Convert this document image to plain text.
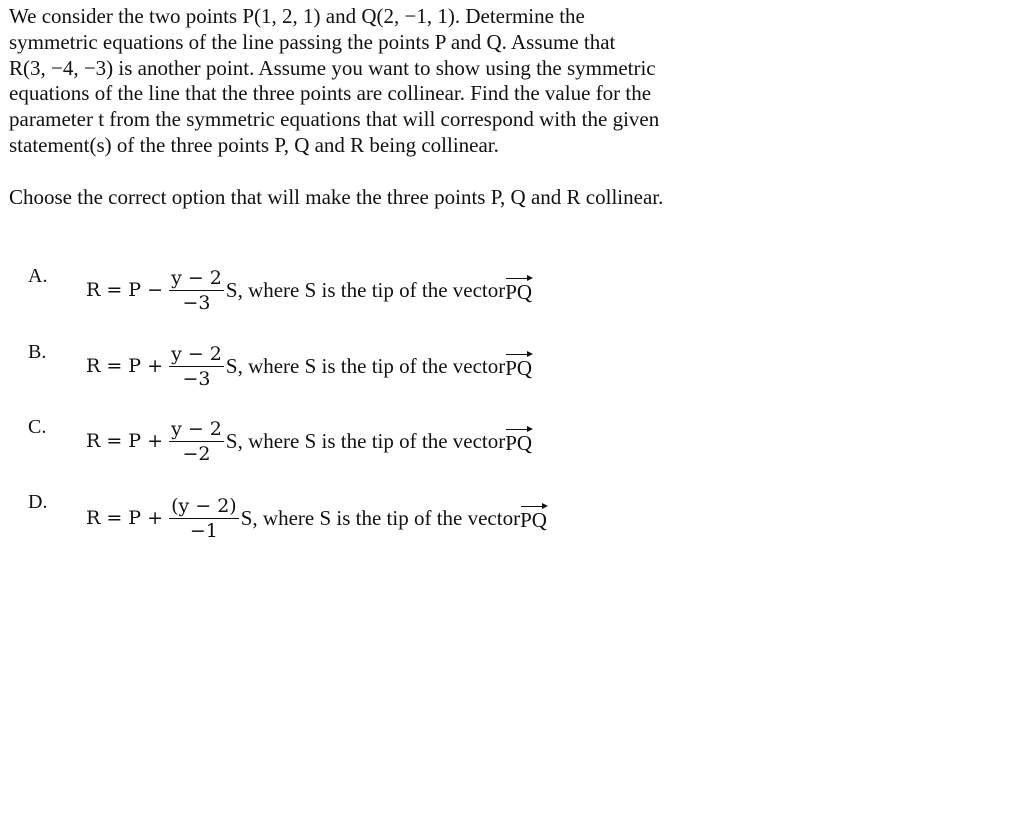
We consider the two points P(1, 2, 1) and Q(2, −1, 1). Determine the
symmetric equations of the line passing the points P and Q. Assume that
R(3, −4, −3) is another point. Assume you want to show using the symmetric
equations of the line that the three points are collinear. Find the value for the
parameter t from the symmetric equations that will correspond with the given
statement(s) of the three points P, Q and R being collinear.

Choose the correct option that will make the three points P, Q and R collinear.

A.
$R = P - \frac{y - 2}{-3} S$, where S is the tip of the vector PQ
B.
$R = P + \frac{y - 2}{-3} S$, where S is the tip of the vector PQ
C.
$R = P + \frac{y - 2}{-2} S$, where S is the tip of the vector PQ
D.
$R = P + \frac{(y - 2)}{-1} S$, where S is the tip of the vector PQ
